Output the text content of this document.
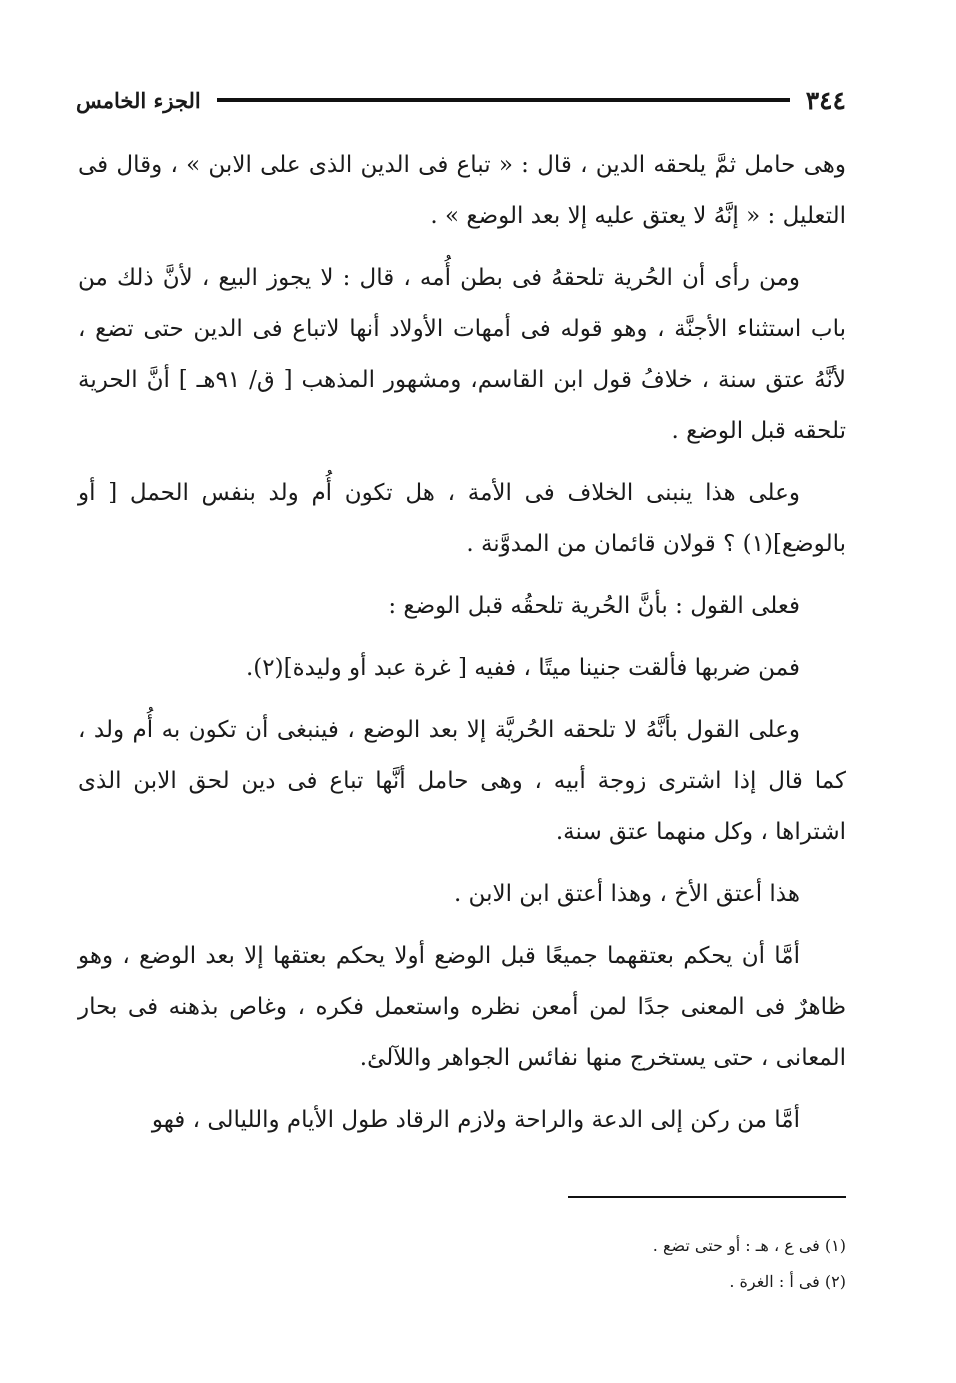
٣٤٤
الجزء الخامس

وهى حامل ثمَّ يلحقه الدين ، قال : « تباع فى الدين الذى على الابن » ، وقال فى التعليل : « إنَّهُ لا يعتق عليه إلا بعد الوضع » .

ومن رأى أن الحُرية تلحقهُ فى بطن أُمه ، قال : لا يجوز البيع ، لأنَّ ذلك من باب استثناء الأجنَّة ، وهو قوله فى أمهات الأولاد أنها لاتباع فى الدين حتى تضع ، لأنَّهُ عتق سنة ، خلافُ قول ابن القاسم، ومشهور المذهب [ ق/ ٩١هـ ] أنَّ الحرية تلحقه قبل الوضع .

وعلى هذا ينبنى الخلاف فى الأمة ، هل تكون أُم ولد بنفس الحمل [ أو بالوضع](١) ؟ قولان قائمان من المدوَّنة .

فعلى القول : بأنَّ الحُرية تلحقُه قبل الوضع :

فمن ضربها فألقت جنينا ميتًا ، ففيه [ غرة عبد أو وليدة](٢).

وعلى القول بأنَّهُ لا تلحقه الحُريَّة إلا بعد الوضع ، فينبغى أن تكون به أُم ولد ، كما قال إذا اشترى زوجة أبيه ، وهى حامل أنَّها تباع فى دين لحق الابن الذى اشتراها ، وكل منهما عتق سنة.

هذا أعتق الأخ ، وهذا أعتق ابن الابن .

أمَّا أن يحكم بعتقهما جميعًا قبل الوضع أولا يحكم بعتقها إلا بعد الوضع ، وهو ظاهرٌ فى المعنى جدًا لمن أمعن نظره واستعمل فكره ، وغاص بذهنه فى بحار المعانى ، حتى يستخرج منها نفائس الجواهر واللآلئ.

أمَّا من ركن إلى الدعة والراحة ولازم الرقاد طول الأيام والليالى ، فهو

(١) فى ع ، هـ : أو حتى تضع .

(٢) فى أ : الغرة .
